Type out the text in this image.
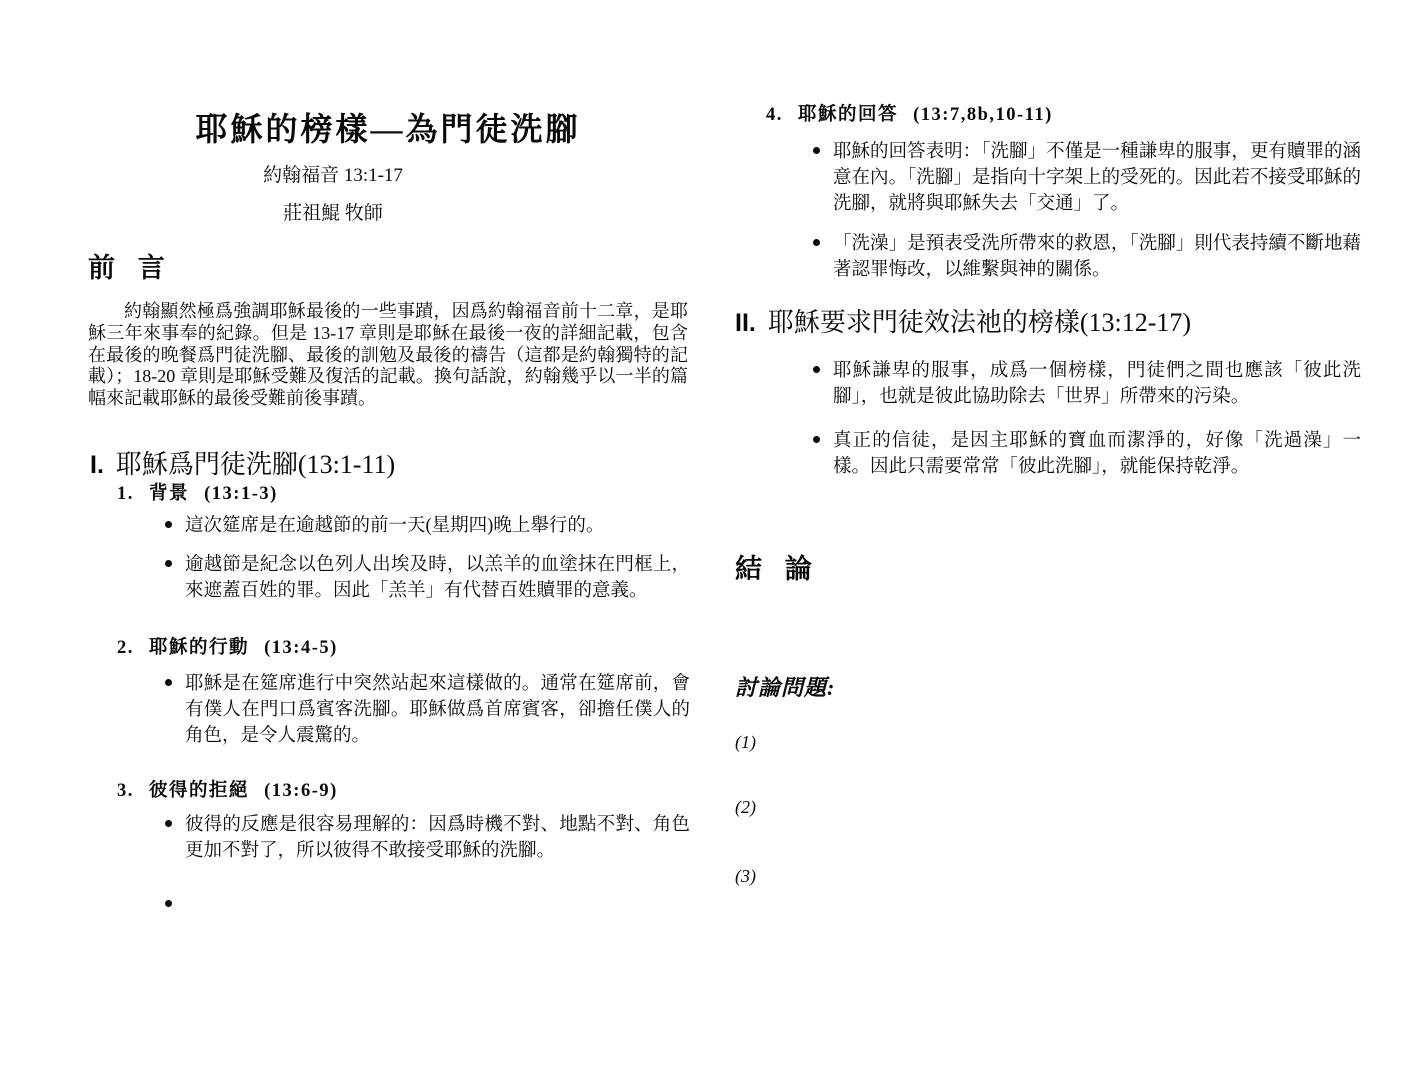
耶穌的榜樣—為門徒洗腳
約翰福音 13:1-17
莊祖鯤 牧師
前 言
約翰顯然極爲強調耶穌最後的一些事蹟，因爲約翰福音前十二章，是耶穌三年來事奉的紀錄。但是 13-17 章則是耶穌在最後一夜的詳細記載，包含在最後的晚餐爲門徒洗腳、最後的訓勉及最後的禱告（這都是約翰獨特的記載）；18-20 章則是耶穌受難及復活的記載。換句話說，約翰幾乎以一半的篇幅來記載耶穌的最後受難前後事蹟。
I. 耶穌爲門徒洗腳(13:1-11)
1. 背景 (13:1-3)
這次筵席是在逾越節的前一天(星期四)晚上舉行的。
逾越節是紀念以色列人出埃及時，以羔羊的血塗抹在門框上，來遮蓋百姓的罪。因此「羔羊」有代替百姓贖罪的意義。
2. 耶穌的行動 (13:4-5)
耶穌是在筵席進行中突然站起來這樣做的。通常在筵席前，會有僕人在門口爲賓客洗腳。耶穌做爲首席賓客，卻擔任僕人的角色，是令人震驚的。
3. 彼得的拒絕 (13:6-9)
彼得的反應是很容易理解的：因爲時機不對、地點不對、角色更加不對了，所以彼得不敢接受耶穌的洗腳。
4. 耶穌的回答 (13:7,8b,10-11)
耶穌的回答表明：「洗腳」不僅是一種謙卑的服事，更有贖罪的涵意在內。「洗腳」是指向十字架上的受死的。因此若不接受耶穌的洗腳，就將與耶穌失去「交通」了。
「洗澡」是預表受洗所帶來的救恩，「洗腳」則代表持續不斷地藉著認罪悔改，以維繫與神的關係。
II. 耶穌要求門徒效法祂的榜樣(13:12-17)
耶穌謙卑的服事，成爲一個榜樣，門徒們之間也應該「彼此洗腳」，也就是彼此協助除去「世界」所帶來的污染。
真正的信徒，是因主耶穌的寶血而潔淨的，好像「洗過澡」一樣。因此只需要常常「彼此洗腳」，就能保持乾淨。
結 論
討論問題:
(1)
(2)
(3)
